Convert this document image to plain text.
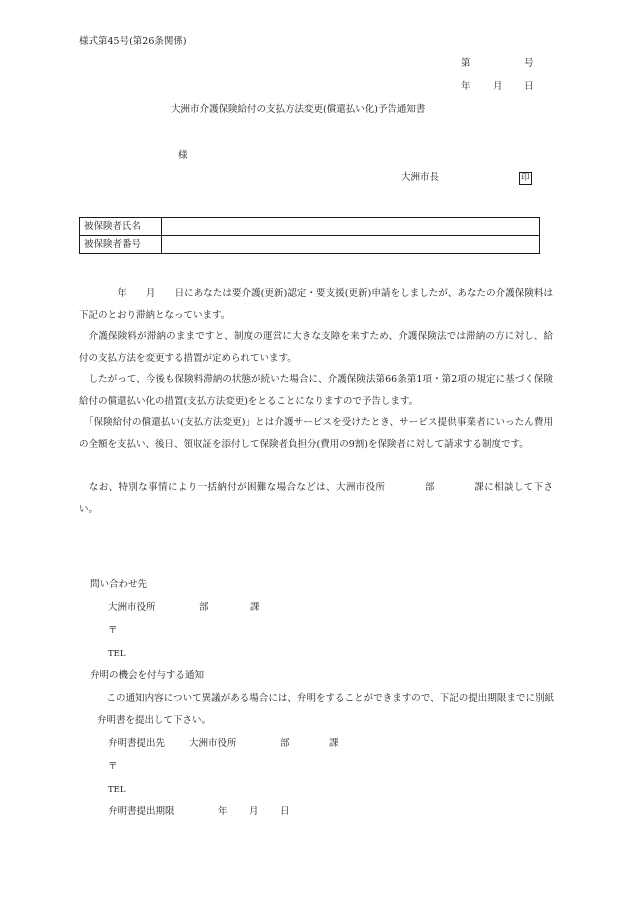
様式第45号(第26条関係)
第	号
年 月 日
大洲市介護保険給付の支払方法変更(償還払い化)予告通知書
様
大洲市長	印
被保険者氏名	
被保険者番号	
　　　　年　　月　　日にあなたは要介護(更新)認定・要支援(更新)申請をしましたが、あなたの介護保険料は下記のとおり滞納となっています。
　介護保険料が滞納のままですと、制度の運営に大きな支障を来すため、介護保険法では滞納の方に対し、給付の支払方法を変更する措置が定められています。
　したがって、今後も保険料滞納の状態が続いた場合に、介護保険法第66条第1項・第2項の規定に基づく保険給付の償還払い化の措置(支払方法変更)をとることになりますので予告します。
　「保険給付の償還払い(支払方法変更)」とは介護サービスを受けたとき、サービス提供事業者にいったん費用の全額を支払い、後日、領収証を添付して保険者負担分(費用の9割)を保険者に対して請求する制度です。
　なお、特別な事情により一括納付が困難な場合などは、大洲市役所　　　　部　　　　課に相談して下さい。
問い合わせ先
大洲市役所	部	課
〒
TEL
弁明の機会を付与する通知
　この通知内容について異議がある場合には、弁明をすることができますので、下記の提出期限までに別紙弁明書を提出して下さい。
弁明書提出先	大洲市役所	部	課
〒
TEL
弁明書提出期限	年 月 日
